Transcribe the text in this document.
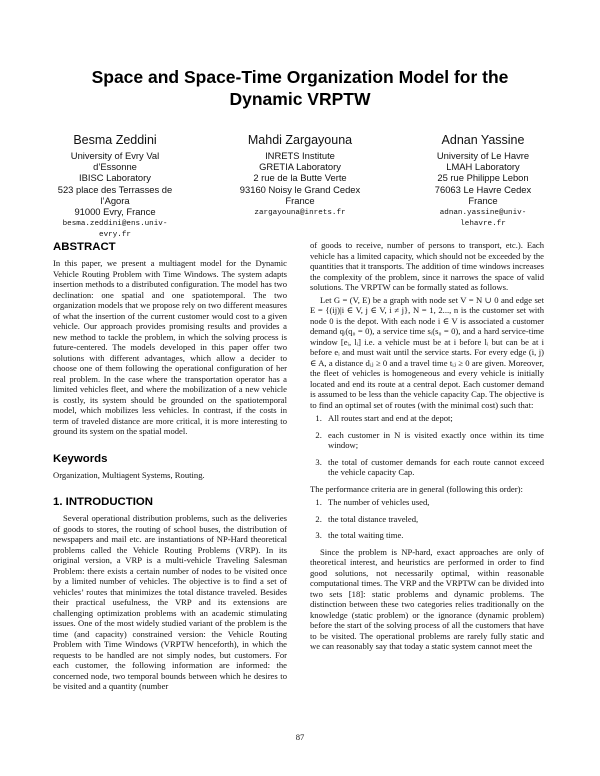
Space and Space-Time Organization Model for the
Dynamic VRPTW
Besma Zeddini
University of Evry Val
d’Essonne
IBISC Laboratory
523 place des Terrasses de
l’Agora
91000 Evry, France
besma.zeddini@ens.univ-
evry.fr
Mahdi Zargayouna
INRETS Institute
GRETIA Laboratory
2 rue de la Butte Verte
93160 Noisy le Grand Cedex
France
zargayouna@inrets.fr
Adnan Yassine
University of Le Havre
LMAH Laboratory
25 rue Philippe Lebon
76063 Le Havre Cedex
France
adnan.yassine@univ-
lehavre.fr
ABSTRACT

In this paper, we present a multiagent model for the Dynamic Vehicle Routing Problem with Time Windows. The system adapts insertion methods to a distributed configuration. The model has two declination: one spatial and one spatiotemporal. The two organization models that we propose rely on two different measures of what the insertion of the current customer would cost to a given vehicle. Our approach provides promising results and provides a new method to tackle the problem, in which the solving process is future-centered. The models developed in this paper offer two solutions with different advantages, which allow a decider to choose one of them following the operational configuration of her real problem. In the case where the transportation operator has a limited vehicles fleet, and where the mobilization of a new vehicle is costly, its system should be grounded on the spatiotemporal model, which mobilizes less vehicles. In contrast, if the costs in term of traveled distance are more critical, it is more interesting to ground its system on the spatial model.

Keywords

Organization, Multiagent Systems, Routing.

1. INTRODUCTION

Several operational distribution problems, such as the deliveries of goods to stores, the routing of school buses, the distribution of newspapers and mail etc. are instantiations of NP-Hard theoretical problems called the Vehicle Routing Problems (VRP). In its original version, a VRP is a multi-vehicle Traveling Salesman Problem: there exists a certain number of nodes to be visited once by a limited number of vehicles. The objective is to find a set of vehicles’ routes that minimizes the total distance traveled. Besides their practical usefulness, the VRP and its extensions are challenging optimization problems with an academic stimulating issues. One of the most widely studied variant of the problem is the time (and capacity) constrained version: the Vehicle Routing Problem with Time Windows (VRPTW henceforth), in which the requests to be handled are not simply nodes, but customers. For each customer, the following information are informed: the concerned node, two temporal bounds between which he desires to be visited and a quantity (number

of goods to receive, number of persons to transport, etc.). Each vehicle has a limited capacity, which should not be exceeded by the quantities that it transports. The addition of time windows increases the complexity of the problem, since it narrows the space of valid solutions. The VRPTW can be formally stated as follows.

Let G = (V, E) be a graph with node set V = N ∪ 0 and edge set E = {(ij)|i ∈ V, j ∈ V, i ≠ j}, N = 1, 2..., n is the customer set with node 0 is the depot. With each node i ∈ V is associated a customer demand qᵢ(q₀ = 0), a service time sᵢ(s₀ = 0), and a hard service-time window [eᵢ, lᵢ] i.e. a vehicle must be at i before lᵢ but can be at i before eᵢ and must wait until the service starts. For every edge (i, j) ∈ A, a distance dᵢⱼ ≥ 0 and a travel time tᵢⱼ ≥ 0 are given. Moreover, the fleet of vehicles is homogeneous and every vehicle is initially located and end its route at a central depot. Each customer demand is assumed to be less than the vehicle capacity Cap. The objective is to find an optimal set of routes (with the minimal cost) such that:

1. All routes start and end at the depot;
2. each customer in N is visited exactly once within its time window;
3. the total of customer demands for each route cannot exceed the vehicle capacity Cap.

The performance criteria are in general (following this order):

1. The number of vehicles used,
2. the total distance traveled,
3. the total waiting time.

Since the problem is NP-hard, exact approaches are only of theoretical interest, and heuristics are performed in order to find good solutions, not necessarily optimal, within reasonable computational times. The VRP and the VRPTW can be divided into two sets [18]: static problems and dynamic problems. The distinction between these two categories relies traditionally on the knowledge (static problem) or the ignorance (dynamic problem) before the start of the solving process of all the customers that have to be visited. The operational problems are rarely fully static and we can reasonably say that today a static system cannot meet the

87
